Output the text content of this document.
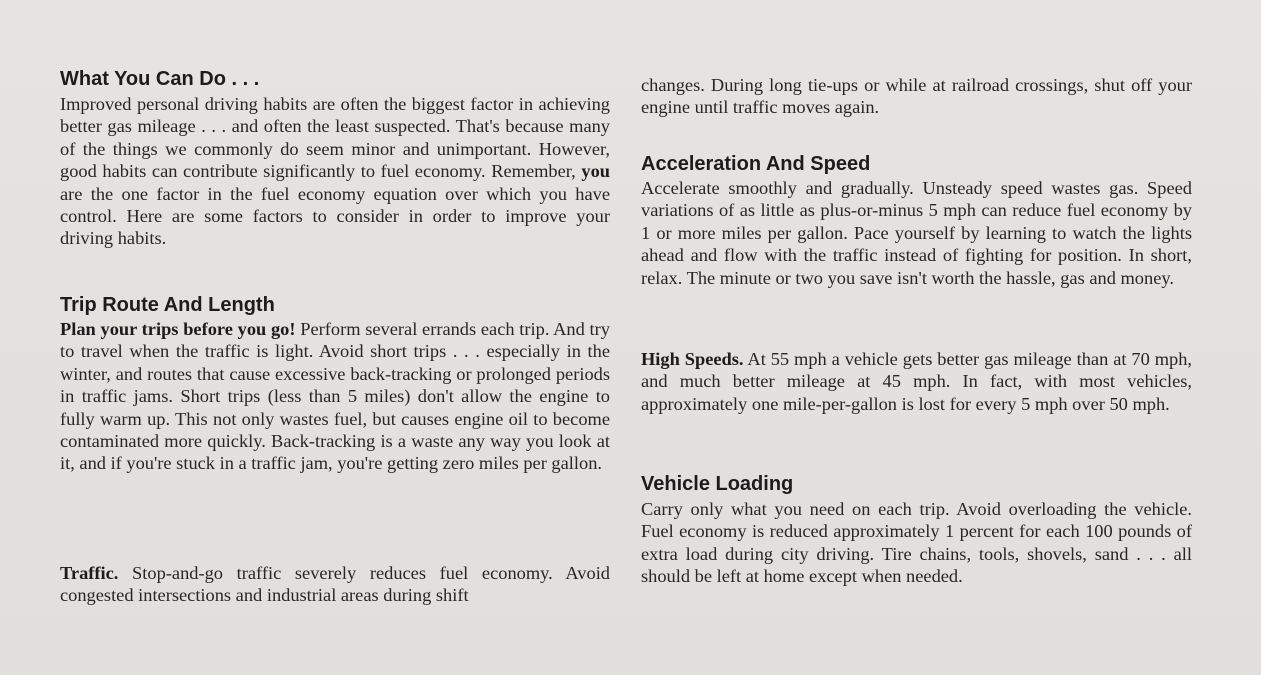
What You Can Do . . .

Improved personal driving habits are often the biggest factor in achieving better gas mileage . . . and often the least suspected. That's because many of the things we commonly do seem minor and unimportant. However, good habits can contribute significantly to fuel economy. Remember, you are the one factor in the fuel economy equation over which you have control. Here are some factors to consider in order to improve your driving habits.

Trip Route And Length

Plan your trips before you go! Perform several errands each trip. And try to travel when the traffic is light. Avoid short trips . . . especially in the winter, and routes that cause excessive back-tracking or prolonged periods in traffic jams. Short trips (less than 5 miles) don't allow the engine to fully warm up. This not only wastes fuel, but causes engine oil to become contaminated more quickly. Back-tracking is a waste any way you look at it, and if you're stuck in a traffic jam, you're getting zero miles per gallon.

Traffic. Stop-and-go traffic severely reduces fuel economy. Avoid congested intersections and industrial areas during shift

changes. During long tie-ups or while at railroad crossings, shut off your engine until traffic moves again.

Acceleration And Speed

Accelerate smoothly and gradually. Unsteady speed wastes gas. Speed variations of as little as plus-or-minus 5 mph can reduce fuel economy by 1 or more miles per gallon. Pace yourself by learning to watch the lights ahead and flow with the traffic instead of fighting for position. In short, relax. The minute or two you save isn't worth the hassle, gas and money.

High Speeds. At 55 mph a vehicle gets better gas mileage than at 70 mph, and much better mileage at 45 mph. In fact, with most vehicles, approximately one mile-per-gallon is lost for every 5 mph over 50 mph.

Vehicle Loading

Carry only what you need on each trip. Avoid overloading the vehicle. Fuel economy is reduced approximately 1 percent for each 100 pounds of extra load during city driving. Tire chains, tools, shovels, sand . . . all should be left at home except when needed.
